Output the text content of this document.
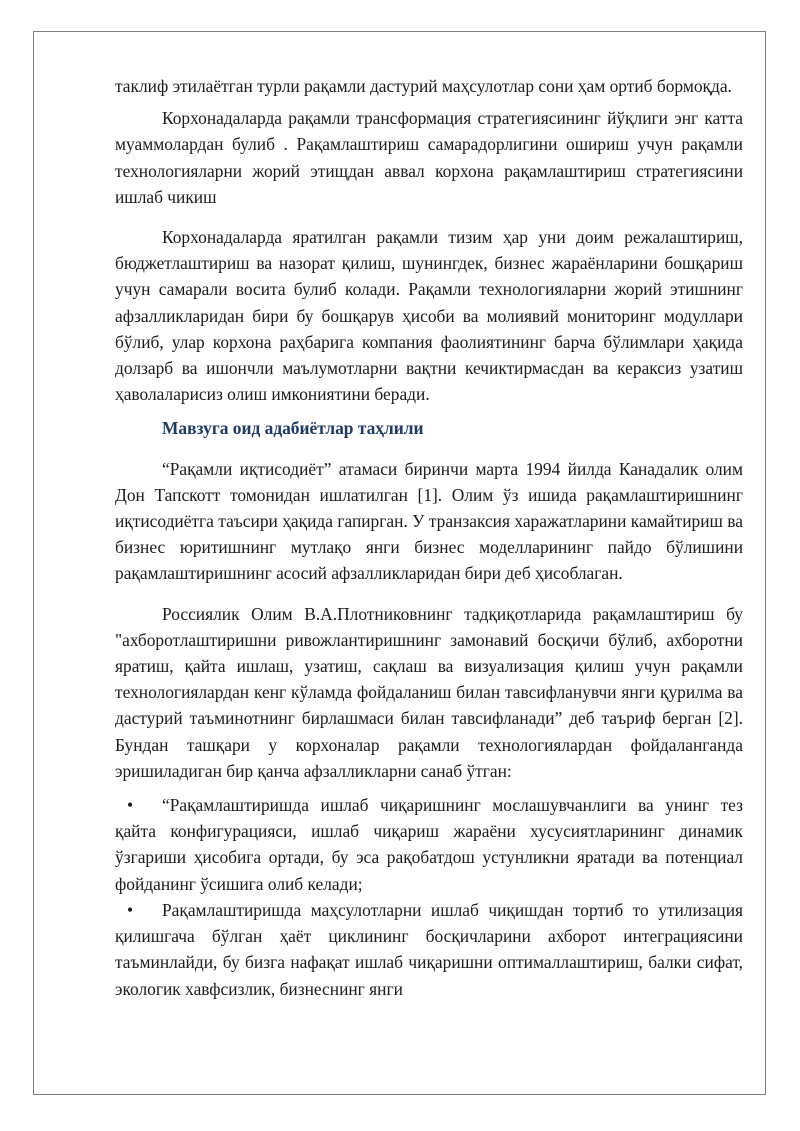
таклиф этилаётган турли рақамли дастурий маҳсулотлар сони ҳам ортиб бормоқда.

Корхонадаларда рақамли трансформация стратегиясининг йўқлиги энг катта муаммолардан булиб . Рақамлаштириш самарадорлигини ошириш учун рақамли технологияларни жорий этищдан аввал корхона рақамлаштириш стратегиясини ишлаб чикиш

Корхонадаларда яратилган рақамли тизим ҳар уни доим режалаштириш, бюджетлаштириш ва назорат қилиш, шунингдек, бизнес жараёнларини бошқариш учун самарали восита булиб колади. Рақамли технологияларни жорий этишнинг афзалликларидан бири бу бошқарув ҳисоби ва молиявий мониторинг модуллари бўлиб, улар корхона раҳбарига компания фаолиятининг барча бўлимлари ҳақида долзарб ва ишончли маълумотларни вақтни кечиктирмасдан ва кераксиз узатиш ҳаволаларисиз олиш имкониятини беради.

Мавзуга оид адабиётлар таҳлили

“Рақамли иқтисодиёт” атамаси биринчи марта 1994 йилда Канадалик олим Дон Тапскотт томонидан ишлатилган [1]. Олим ўз ишида рақамлаштиришнинг иқтисодиётга таъсири ҳақида гапирган. У транзаксия харажатларини камайтириш ва бизнес юритишнинг мутлақо янги бизнес моделларининг пайдо бўлишини рақамлаштиришнинг асосий афзалликларидан бири деб ҳисоблаган.

Россиялик Олим В.А.Плотниковнинг тадқиқотларида рақамлаштириш бу "ахборотлаштиришни ривожлантиришнинг замонавий босқичи бўлиб, ахборотни яратиш, қайта ишлаш, узатиш, сақлаш ва визуализация қилиш учун рақамли технологиялардан кенг кўламда фойдаланиш билан тавсифланувчи янги қурилма ва дастурий таъминотнинг бирлашмаси билан тавсифланади” деб таъриф берган [2]. Бундан ташқари у корхоналар рақамли технологиялардан фойдаланганда эришиладиган бир қанча афзалликларни санаб ўтган:

• “Рақамлаштиришда ишлаб чиқаришнинг мослашувчанлиги ва унинг тез қайта конфигурацияси, ишлаб чиқариш жараёни хусусиятларининг динамик ўзгариши ҳисобига ортади, бу эса рақобатдош устунликни яратади ва потенциал фойданинг ўсишига олиб келади;
• Рақамлаштиришда маҳсулотларни ишлаб чиқишдан тортиб то утилизация қилишгача бўлган ҳаёт циклининг босқичларини ахборот интеграциясини таъминлайди, бу бизга нафақат ишлаб чиқаришни оптималлаштириш, балки сифат, экологик хавфсизлик, бизнеснинг янги
